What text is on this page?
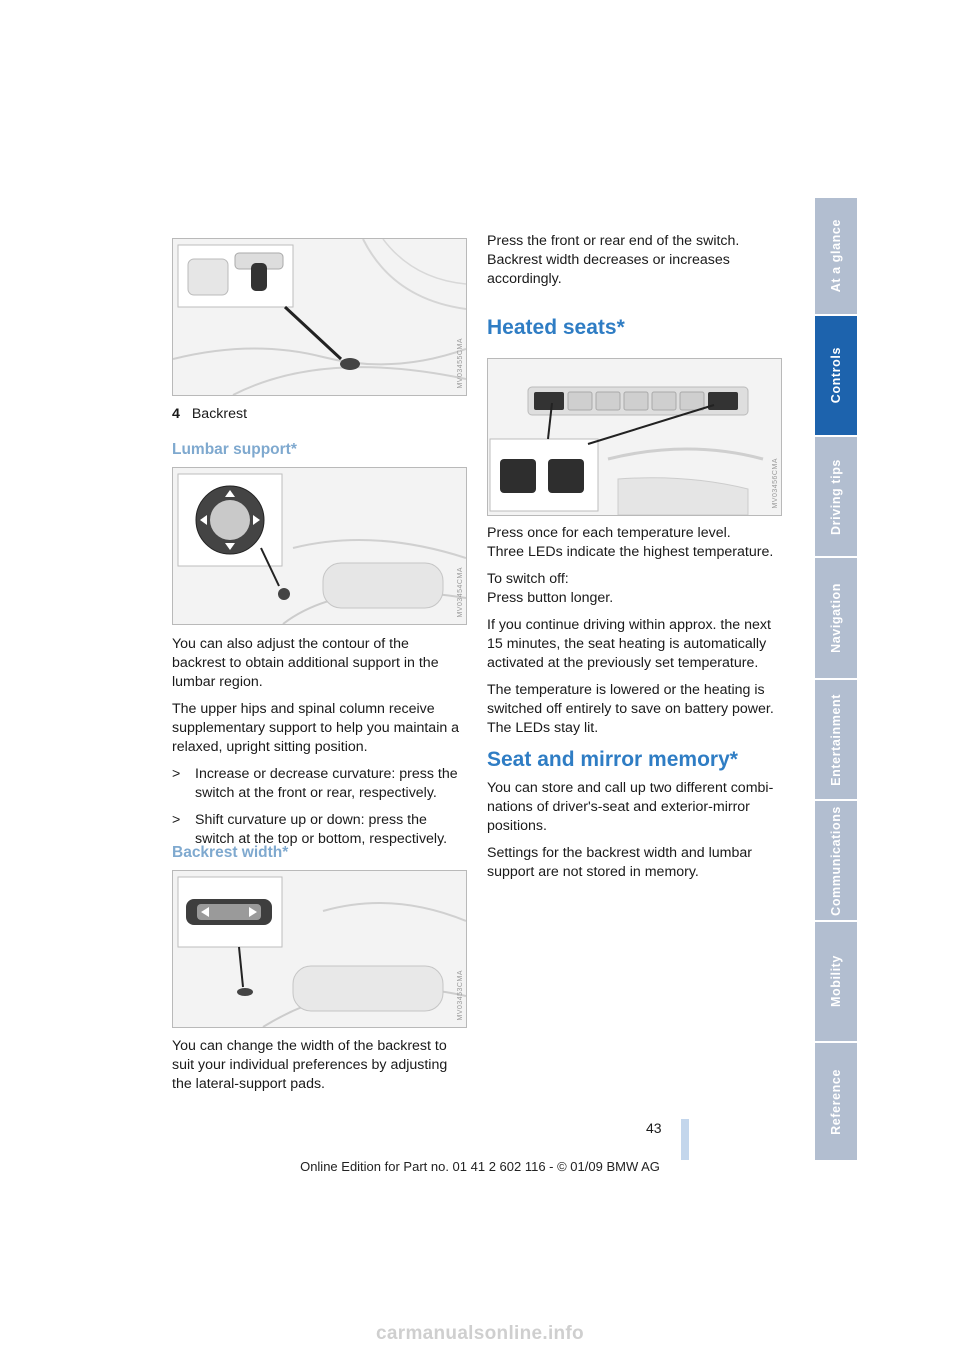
MV03455CMA
4 Backrest
Lumbar support*
MV03454CMA

You can also adjust the contour of the backrest to obtain additional support in the lumbar region.

The upper hips and spinal column receive supplementary support to help you maintain a relaxed, upright sitting position.

>	Increase or decrease curvature: press the switch at the front or rear, respectively.
>	Shift curvature up or down: press the switch at the top or bottom, respectively.
Backrest width*
MV03453CMA

You can change the width of the backrest to suit your individual preferences by adjusting the lateral-support pads.

Press the front or rear end of the switch. Backrest width decreases or increases accordingly.

Heated seats*
MV03456CMA

Press once for each temperature level.
Three LEDs indicate the highest temperature.

To switch off:
Press button longer.

If you continue driving within approx. the next 15 minutes, the seat heating is automatically activated at the previously set temperature.

The temperature is lowered or the heating is switched off entirely to save on battery power. The LEDs stay lit.

Seat and mirror memory*

You can store and call up two different combinations of driver's-seat and exterior-mirror positions.

Settings for the backrest width and lumbar support are not stored in memory.

At a glance
Controls
Driving tips
Navigation
Entertainment
Communications
Mobility
Reference
43
Online Edition for Part no. 01 41 2 602 116 - © 01/09 BMW AG
carmanualsonline.info
